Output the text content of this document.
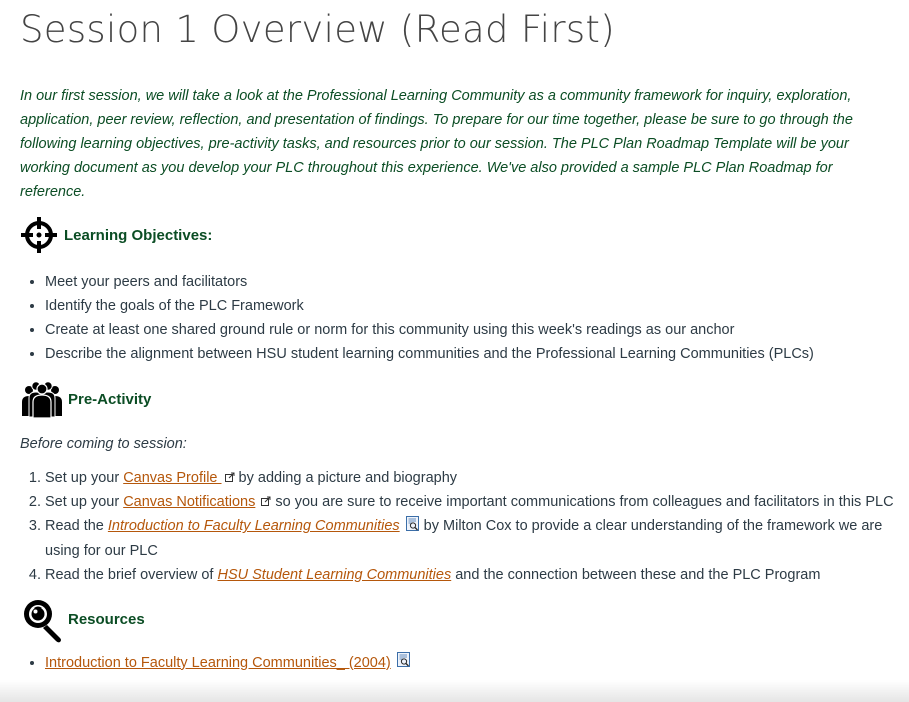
Session 1 Overview (Read First)

In our first session, we will take a look at the Professional Learning Community as a community framework for inquiry, exploration, application, peer review, reflection, and presentation of findings. To prepare for our time together, please be sure to go through the following learning objectives, pre-activity tasks, and resources prior to our session. The PLC Plan Roadmap Template will be your working document as you develop your PLC throughout this experience. We've also provided a sample PLC Plan Roadmap for reference.

Learning Objectives:
• Meet your peers and facilitators
• Identify the goals of the PLC Framework
• Create at least one shared ground rule or norm for this community using this week's readings as our anchor
• Describe the alignment between HSU student learning communities and the Professional Learning Communities (PLCs)
Pre-Activity

Before coming to session:

1. Set up your Canvas Profile  by adding a picture and biography
2. Set up your Canvas Notifications so you are sure to receive important communications from colleagues and facilitators in this PLC
3. Read the Introduction to Faculty Learning Communities by Milton Cox to provide a clear understanding of the framework we are using for our PLC
4. Read the brief overview of HSU Student Learning Communities and the connection between these and the PLC Program
Resources
• Introduction to Faculty Learning Communities_ (2004)
